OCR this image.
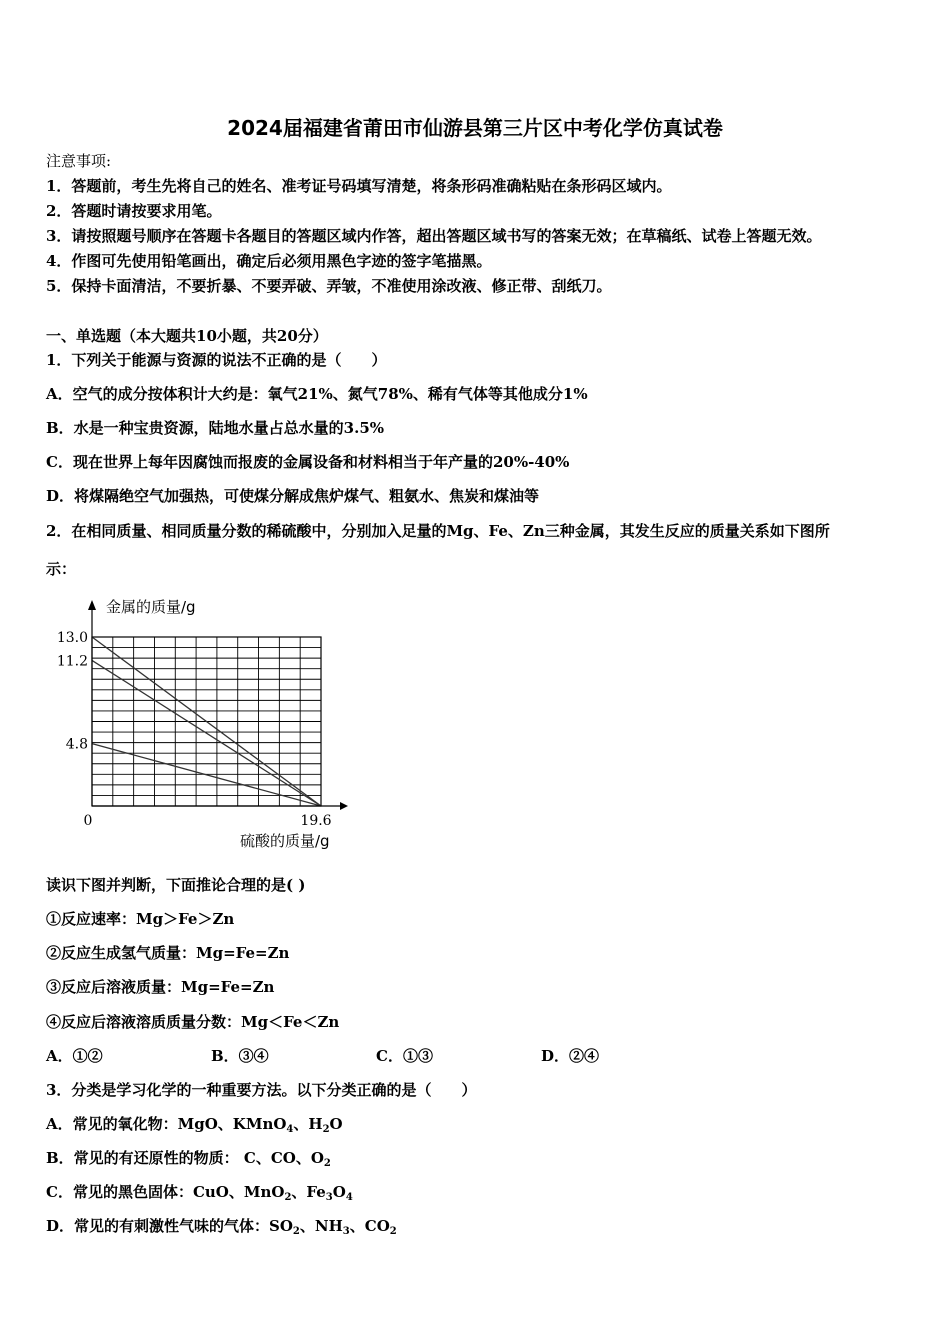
2024届福建省莆田市仙游县第三片区中考化学仿真试卷
注意事项:
1．答题前，考生先将自己的姓名、准考证号码填写清楚，将条形码准确粘贴在条形码区域内。
2．答题时请按要求用笔。
3．请按照题号顺序在答题卡各题目的答题区域内作答，超出答题区域书写的答案无效；在草稿纸、试卷上答题无效。
4．作图可先使用铅笔画出，确定后必须用黑色字迹的签字笔描黑。
5．保持卡面清洁，不要折暴、不要弄破、弄皱，不准使用涂改液、修正带、刮纸刀。
一、单选题（本大题共10小题，共20分）
1．下列关于能源与资源的说法不正确的是（　　）
A．空气的成分按体积计大约是：氧气21%、氮气78%、稀有气体等其他成分1%
B．水是一种宝贵资源，陆地水量占总水量的3.5%
C．现在世界上每年因腐蚀而报废的金属设备和材料相当于年产量的20%-40%
D．将煤隔绝空气加强热，可使煤分解成焦炉煤气、粗氨水、焦炭和煤油等
2．在相同质量、相同质量分数的稀硫酸中，分别加入足量的Mg、Fe、Zn三种金属，其发生反应的质量关系如下图所
示：
金属的质量/g
硫酸的质量/g
0	19.6
13.0
11.2
4.8
读识下图并判断，下面推论合理的是( )
①反应速率：Mg＞Fe＞Zn
②反应生成氢气质量：Mg=Fe=Zn
③反应后溶液质量：Mg=Fe=Zn
④反应后溶液溶质质量分数：Mg＜Fe＜Zn
A．①②	B．③④	C．①③	D．②④
3．分类是学习化学的一种重要方法。以下分类正确的是（　　）
A．常见的氧化物：MgO、KMnO$_4$、$H_2O$
B．常见的有还原性的物质： C、CO、$O_2$
C．常见的黑色固体：CuO、MnO$_2$、$Fe_3O_4$
D．常见的有刺激性气味的气体：$SO_2$、$NH_3$、$CO_2$
